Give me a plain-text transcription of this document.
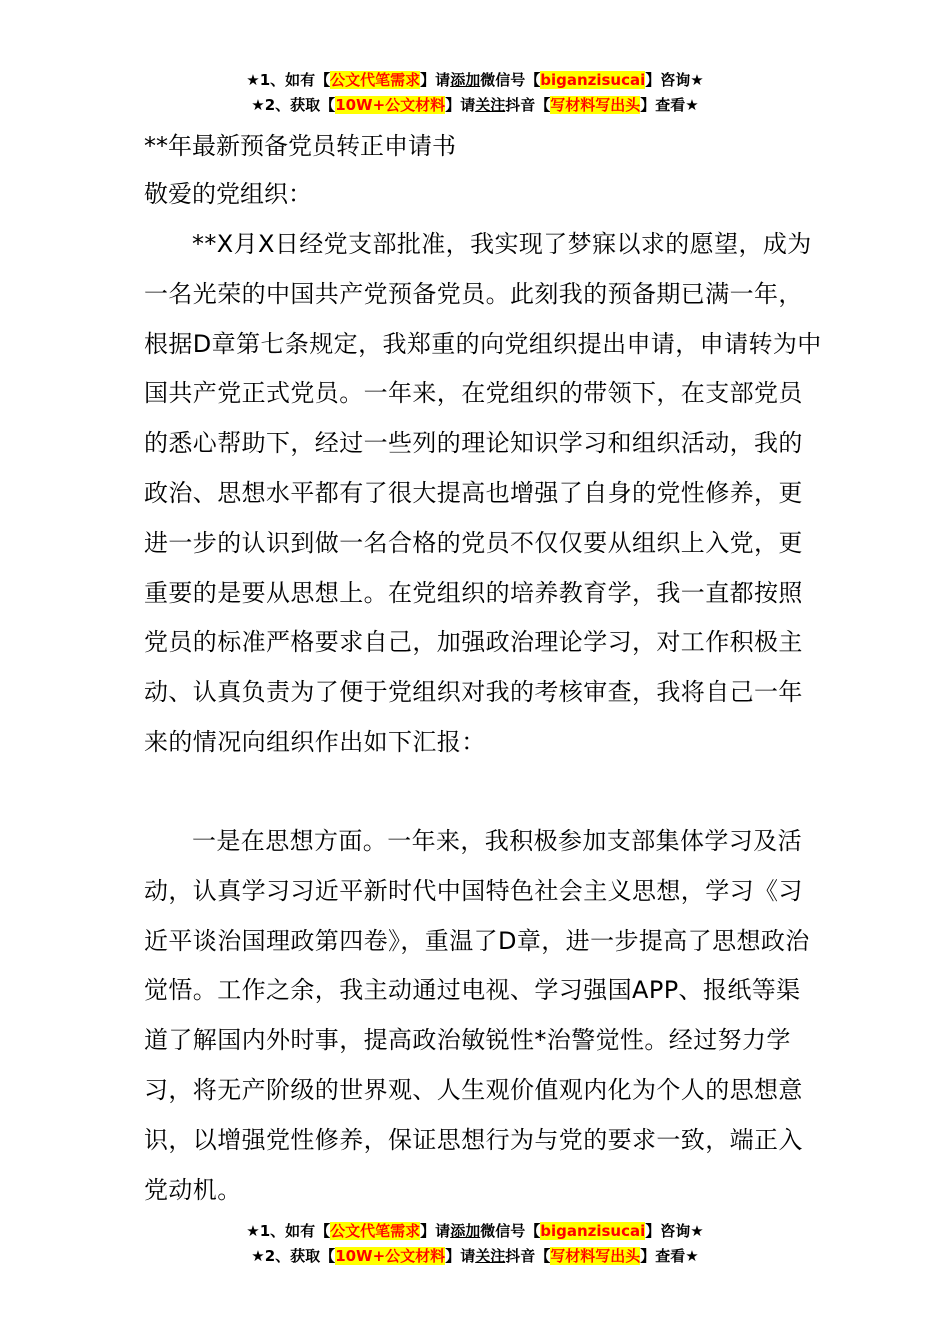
★1、如有【公文代笔需求】请添加微信号【biganzisucai】咨询★
★2、获取【10W+公文材料】请关注抖音【写材料写出头】查看★
**年最新预备党员转正申请书
敬爱的党组织：

**X月X日经党支部批准，我实现了梦寐以求的愿望，成为一名光荣的中国共产党预备党员。此刻我的预备期已满一年，根据D章第七条规定，我郑重的向党组织提出申请，申请转为中国共产党正式党员。一年来，在党组织的带领下，在支部党员的悉心帮助下，经过一些列的理论知识学习和组织活动，我的政治、思想水平都有了很大提高也增强了自身的党性修养，更进一步的认识到做一名合格的党员不仅仅要从组织上入党，更重要的是要从思想上。在党组织的培养教育学，我一直都按照党员的标准严格要求自己，加强政治理论学习，对工作积极主动、认真负责为了便于党组织对我的考核审查，我将自己一年来的情况向组织作出如下汇报：

一是在思想方面。一年来，我积极参加支部集体学习及活动，认真学习习近平新时代中国特色社会主义思想，学习《习近平谈治国理政第四卷》，重温了D章，进一步提高了思想政治觉悟。工作之余，我主动通过电视、学习强国APP、报纸等渠道了解国内外时事，提高政治敏锐性*治警觉性。经过努力学习，将无产阶级的世界观、人生观价值观内化为个人的思想意识，以增强党性修养，保证思想行为与党的要求一致，端正入党动机。

★1、如有【公文代笔需求】请添加微信号【biganzisucai】咨询★
★2、获取【10W+公文材料】请关注抖音【写材料写出头】查看★
